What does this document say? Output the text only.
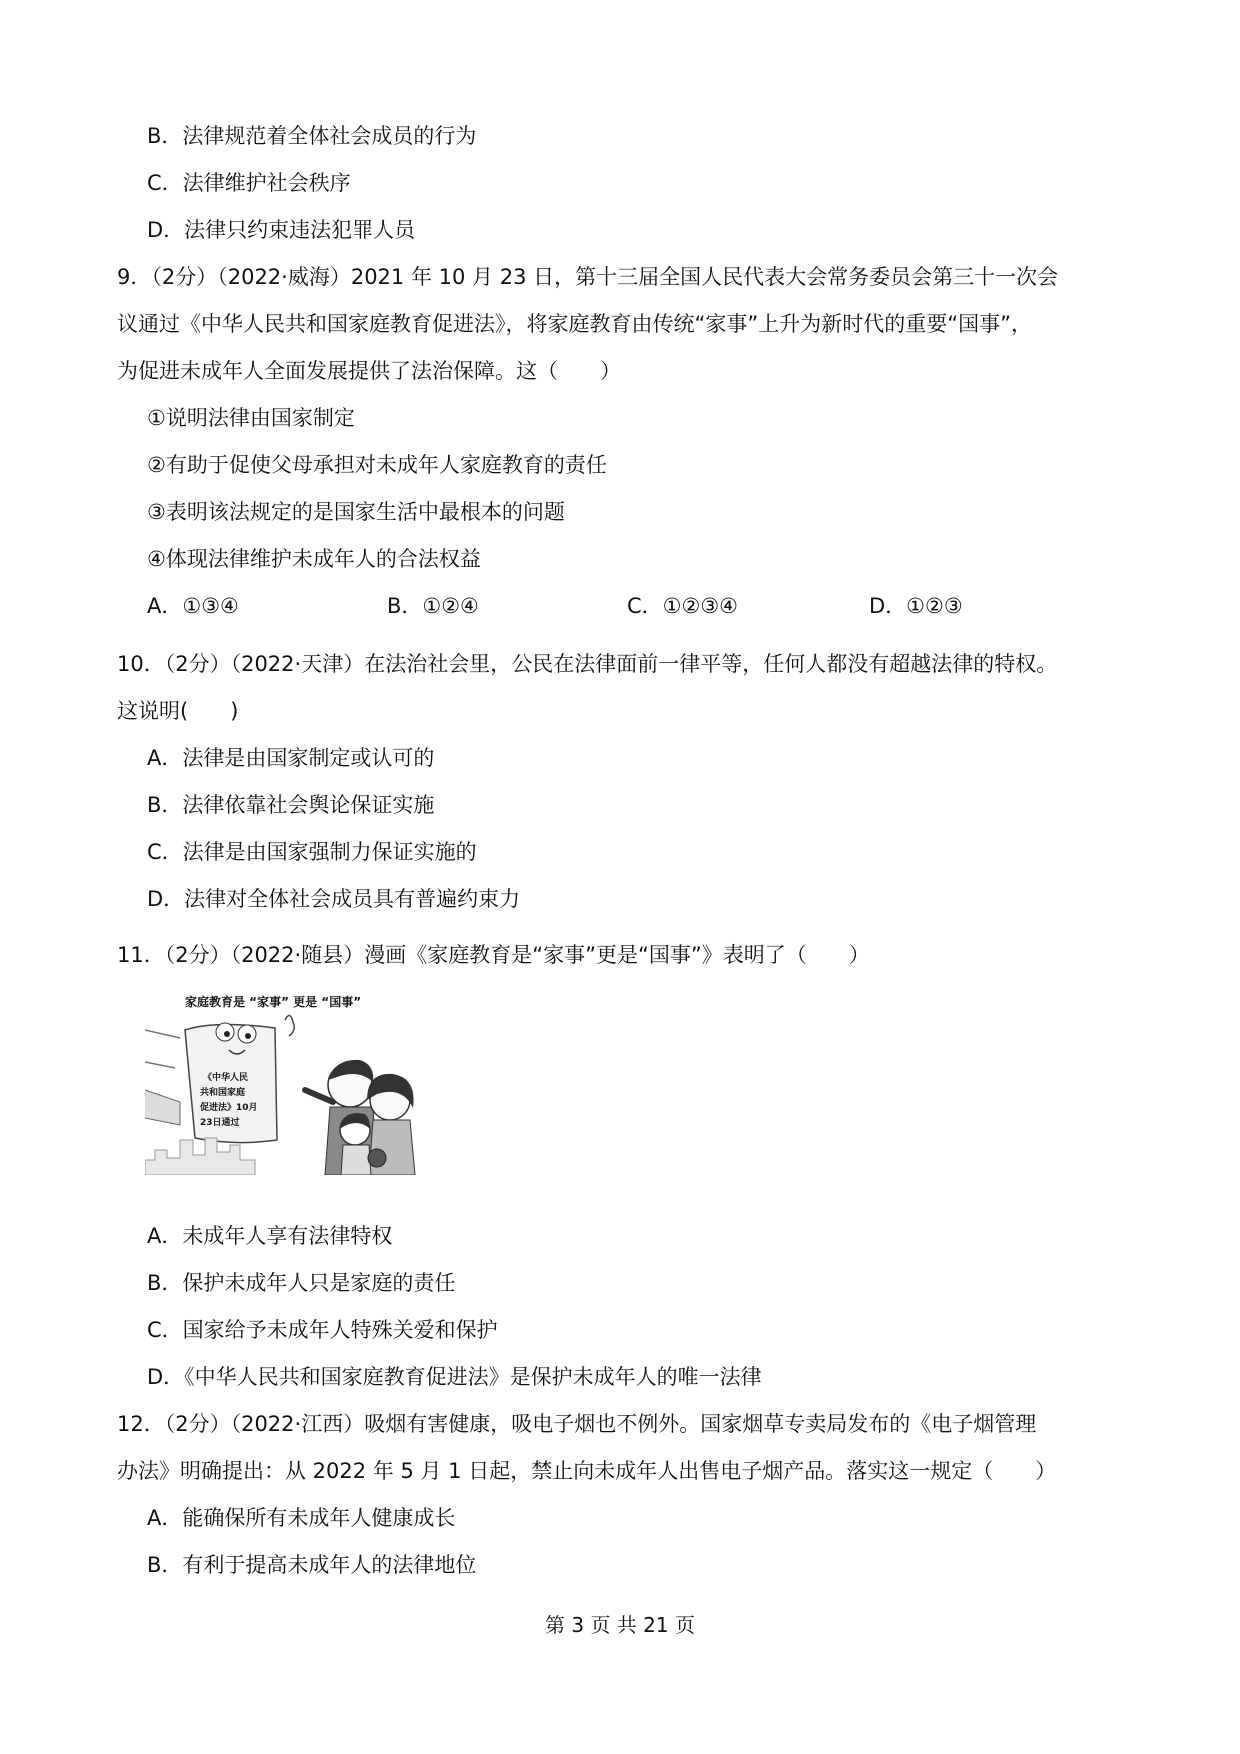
B．法律规范着全体社会成员的行为
C．法律维护社会秩序
D．法律只约束违法犯罪人员
9．（2分）（2022·威海）2021 年 10 月 23 日，第十三届全国人民代表大会常务委员会第三十一次会
议通过《中华人民共和国家庭教育促进法》，将家庭教育由传统“家事”上升为新时代的重要“国事”，
为促进未成年人全面发展提供了法治保障。这（　　）
①说明法律由国家制定
②有助于促使父母承担对未成年人家庭教育的责任
③表明该法规定的是国家生活中最根本的问题
④体现法律维护未成年人的合法权益
A．①③④	B．①②④	C．①②③④	D．①②③
10．（2分）（2022·天津）在法治社会里，公民在法律面前一律平等，任何人都没有超越法律的特权。
这说明(　　)
A．法律是由国家制定或认可的
B．法律依靠社会舆论保证实施
C．法律是由国家强制力保证实施的
D．法律对全体社会成员具有普遍约束力
11．（2分）（2022·随县）漫画《家庭教育是“家事”更是“国事”》表明了（　　）
家庭教育是 “家事” 更是 “国事”
《中华人民
共和国家庭
促进法》10月
23日通过
A．未成年人享有法律特权
B．保护未成年人只是家庭的责任
C．国家给予未成年人特殊关爱和保护
D．《中华人民共和国家庭教育促进法》是保护未成年人的唯一法律
12．（2分）（2022·江西）吸烟有害健康，吸电子烟也不例外。国家烟草专卖局发布的《电子烟管理
办法》明确提出：从 2022 年 5 月 1 日起，禁止向未成年人出售电子烟产品。落实这一规定（　　）
A．能确保所有未成年人健康成长
B．有利于提高未成年人的法律地位
第 3 页 共 21 页
